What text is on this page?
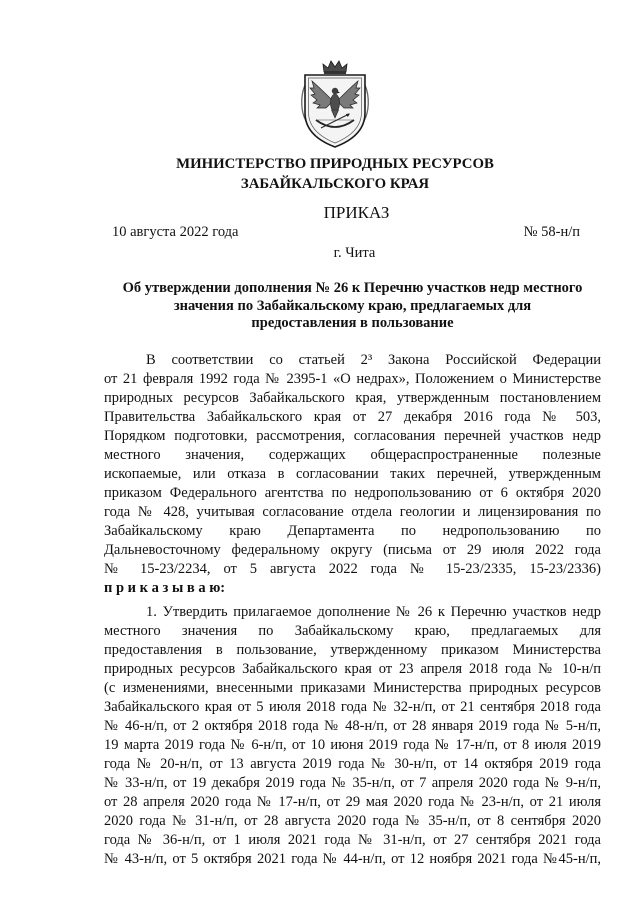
МИНИСТЕРСТВО ПРИРОДНЫХ РЕСУРСОВ
ЗАБАЙКАЛЬСКОГО КРАЯ
ПРИКАЗ
10 августа 2022 года	№ 58-н/п
г. Чита
Об утверждении дополнения № 26 к Перечню участков недр местного
значения по Забайкальскому краю, предлагаемых для
предоставления в пользование
В соответствии со статьей 2³ Закона Российской Федерации
от 21 февраля 1992 года № 2395-1 «О недрах», Положением о Министерстве
природных ресурсов Забайкальского края, утвержденным постановлением
Правительства Забайкальского края от 27 декабря 2016 года № 503,
Порядком подготовки, рассмотрения, согласования перечней участков недр
местного значения, содержащих общераспространенные полезные
ископаемые, или отказа в согласовании таких перечней, утвержденным
приказом Федерального агентства по недропользованию от 6 октября 2020
года № 428, учитывая согласование отдела геологии и лицензирования по
Забайкальскому краю Департамента по недропользованию по
Дальневосточному федеральному округу (письма от 29 июля 2022 года
№ 15-23/2234, от 5 августа 2022 года № 15-23/2335, 15-23/2336)
п р и к а з ы в а ю:
1. Утвердить прилагаемое дополнение № 26 к Перечню участков недр
местного значения по Забайкальскому краю, предлагаемых для
предоставления в пользование, утвержденному приказом Министерства
природных ресурсов Забайкальского края от 23 апреля 2018 года № 10-н/п
(с изменениями, внесенными приказами Министерства природных ресурсов
Забайкальского края от 5 июля 2018 года № 32-н/п, от 21 сентября 2018 года
№ 46-н/п, от 2 октября 2018 года № 48-н/п, от 28 января 2019 года № 5-н/п,
19 марта 2019 года № 6-н/п, от 10 июня 2019 года № 17-н/п, от 8 июля 2019
года № 20-н/п, от 13 августа 2019 года № 30-н/п, от 14 октября 2019 года
№ 33-н/п, от 19 декабря 2019 года № 35-н/п, от 7 апреля 2020 года № 9-н/п,
от 28 апреля 2020 года № 17-н/п, от 29 мая 2020 года № 23-н/п, от 21 июля
2020 года № 31-н/п, от 28 августа 2020 года № 35-н/п, от 8 сентября 2020
года № 36-н/п, от 1 июля 2021 года № 31-н/п, от 27 сентября 2021 года
№ 43-н/п, от 5 октября 2021 года № 44-н/п, от 12 ноября 2021 года №45-н/п,
